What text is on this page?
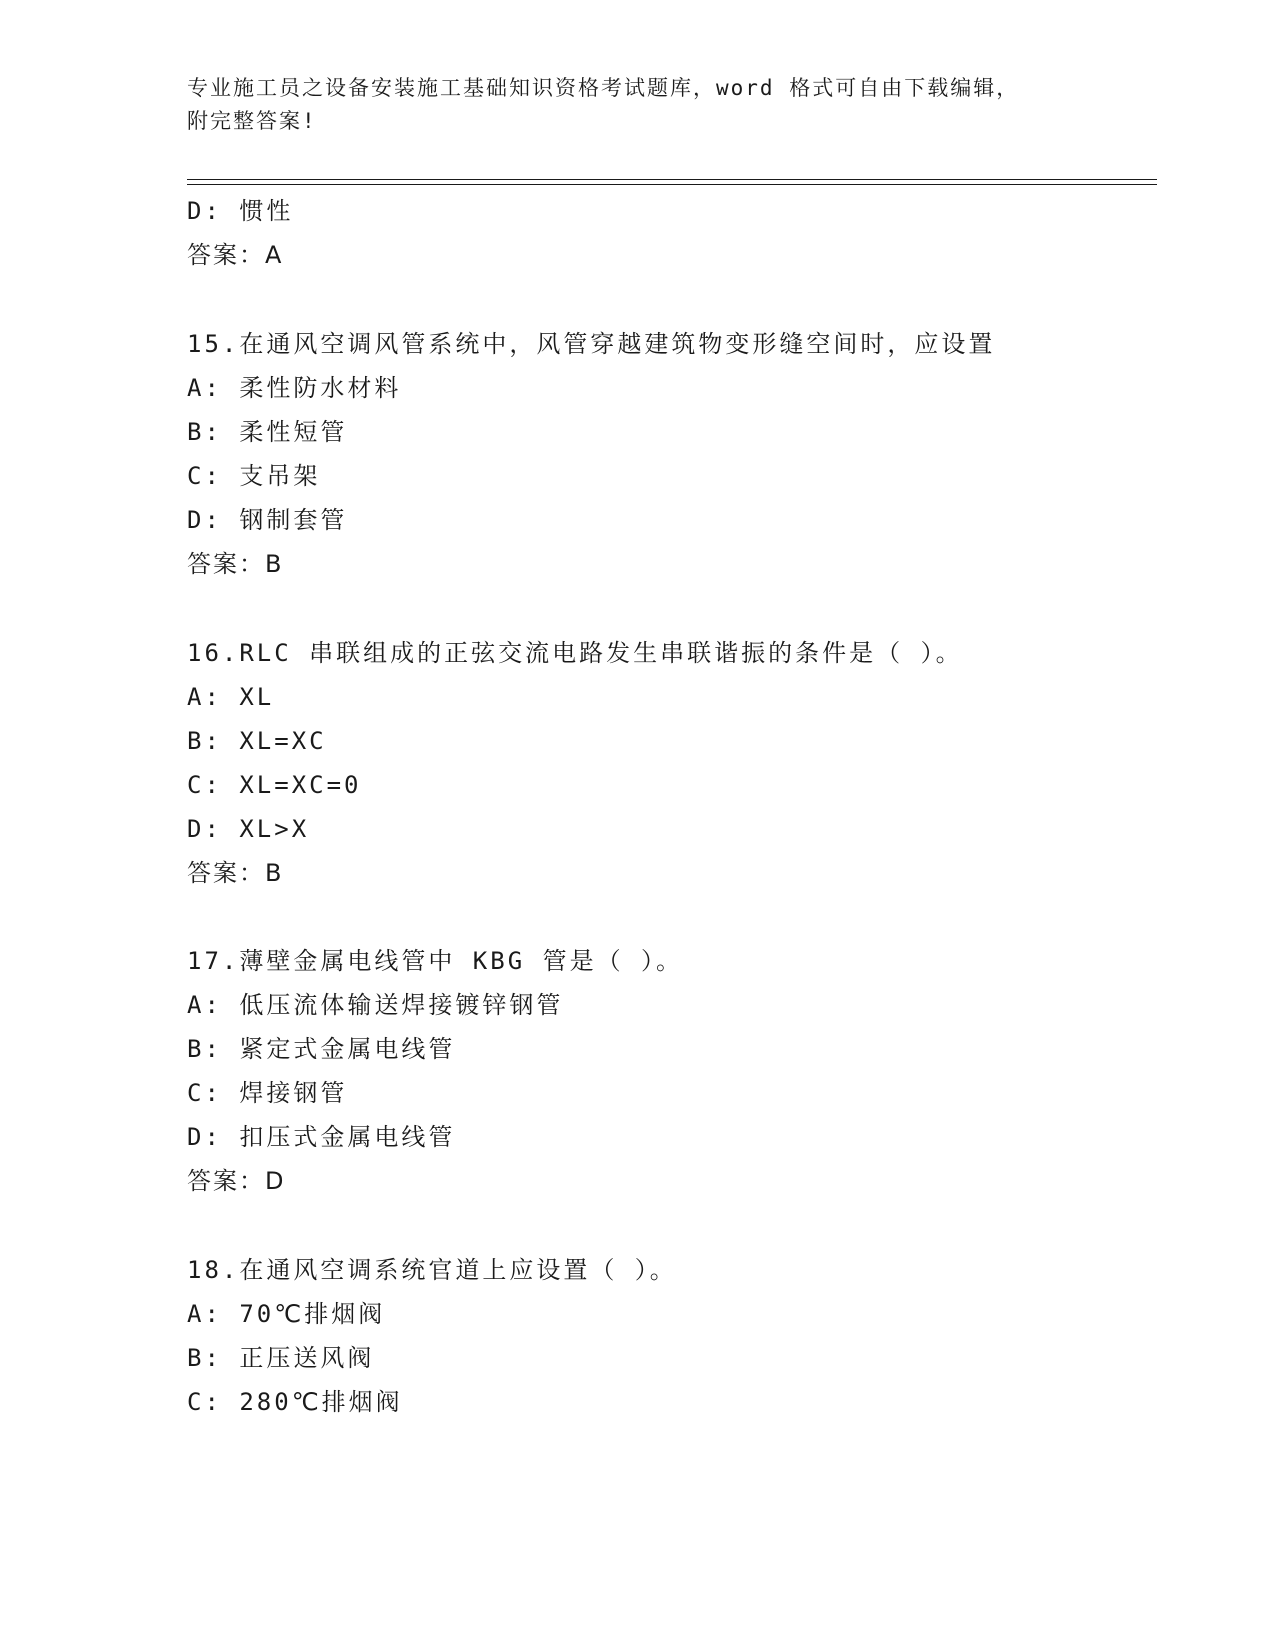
专业施工员之设备安装施工基础知识资格考试题库，word 格式可自由下载编辑，
附完整答案!
D: 惯性
答案：A
15.在通风空调风管系统中，风管穿越建筑物变形缝空间时，应设置
A: 柔性防水材料
B: 柔性短管
C: 支吊架
D: 钢制套管
答案：B
16.RLC 串联组成的正弦交流电路发生串联谐振的条件是（ ）。
A: XL
B: XL=XC
C: XL=XC=0
D: XL>X
答案：B
17.薄壁金属电线管中 KBG 管是（ ）。
A: 低压流体输送焊接镀锌钢管
B: 紧定式金属电线管
C: 焊接钢管
D: 扣压式金属电线管
答案：D
18.在通风空调系统官道上应设置（ ）。
A: 70℃排烟阀
B: 正压送风阀
C: 280℃排烟阀
